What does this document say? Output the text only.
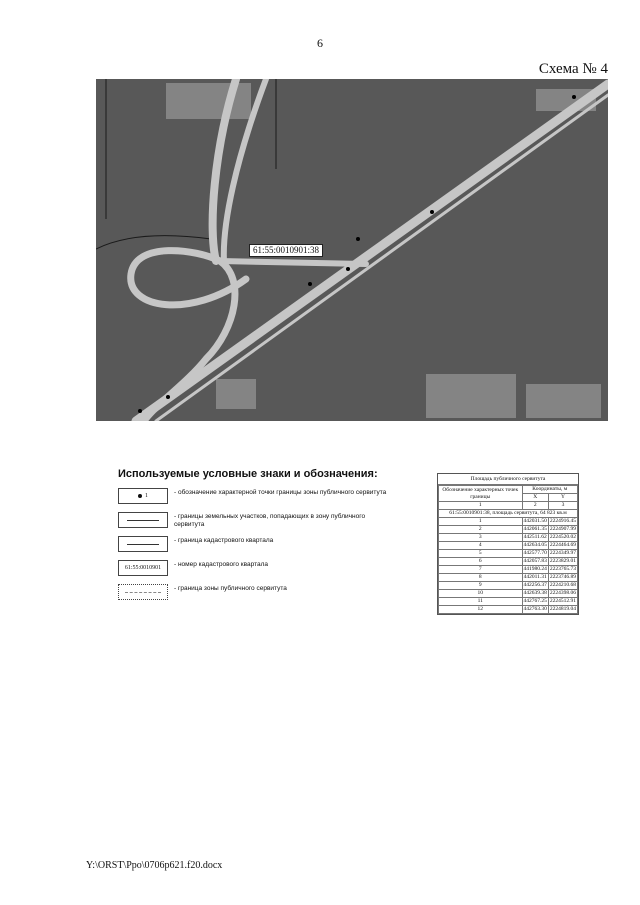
6
Схема № 4
61:55:0010901:38
Используемые условные знаки и обозначения:
1	- обозначение характерной точки границы зоны публичного сервитута
- границы земельных участков, попадающих в зону публичного сервитута
- граница кадастрового квартала
61:55:0010901 - номер кадастрового квартала
- граница зоны публичного сервитута
Площадь публичного сервитута
Обозначение характерных точек границы	Координаты, м	
	X	Y
1	2	3
61:55:0010901:38, площадь сервитута, 64 823 кв.м		
1	442031.50	2224916.45
2	442061.35	2224907.99
3	442511.62	2224520.02
4	442634.05	2224464.69
5	442577.70	2224349.97
6	442057.83	2223829.01
7	441980.24	2223765.73
8	442011.31	2223746.89
9	442256.37	2224210.68
10	442639.38	2224398.06
11	442767.25	2224512.91
12	442763.30	2224819.04
Y:\ORST\Ppo\0706p621.f20.docx
